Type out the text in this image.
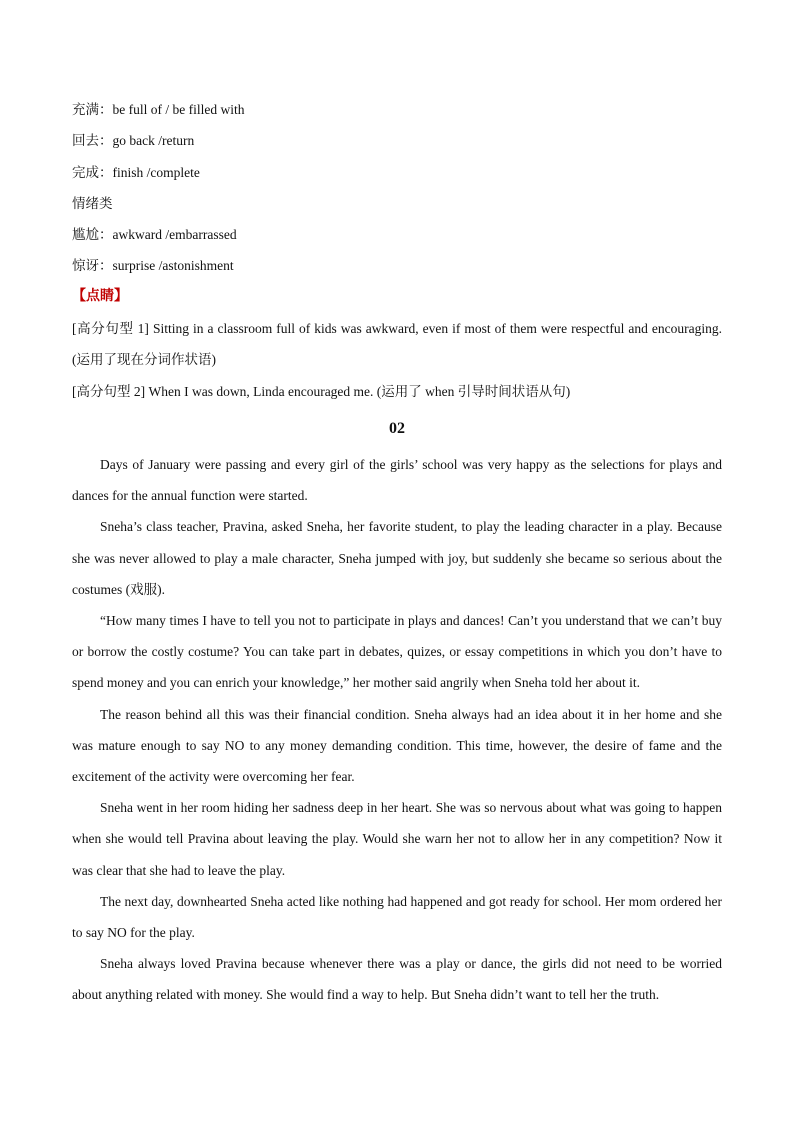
充满：be full of / be filled with
回去：go back /return
完成：finish /complete
情绪类
尴尬：awkward /embarrassed
惊讶：surprise /astonishment
【点睛】
[高分句型 1] Sitting in a classroom full of kids was awkward, even if most of them were respectful and encouraging. (运用了现在分词作状语)
[高分句型 2] When I was down, Linda encouraged me. (运用了 when 引导时间状语从句)
02

Days of January were passing and every girl of the girls’ school was very happy as the selections for plays and dances for the annual function were started.

Sneha’s class teacher, Pravina, asked Sneha, her favorite student, to play the leading character in a play. Because she was never allowed to play a male character, Sneha jumped with joy, but suddenly she became so serious about the costumes (戏服).

“How many times I have to tell you not to participate in plays and dances! Can’t you understand that we can’t buy or borrow the costly costume? You can take part in debates, quizes, or essay competitions in which you don’t have to spend money and you can enrich your knowledge,” her mother said angrily when Sneha told her about it.

The reason behind all this was their financial condition. Sneha always had an idea about it in her home and she was mature enough to say NO to any money demanding condition. This time, however, the desire of fame and the excitement of the activity were overcoming her fear.

Sneha went in her room hiding her sadness deep in her heart. She was so nervous about what was going to happen when she would tell Pravina about leaving the play. Would she warn her not to allow her in any competition? Now it was clear that she had to leave the play.

The next day, downhearted Sneha acted like nothing had happened and got ready for school. Her mom ordered her to say NO for the play.

Sneha always loved Pravina because whenever there was a play or dance, the girls did not need to be worried about anything related with money. She would find a way to help. But Sneha didn’t want to tell her the truth.
